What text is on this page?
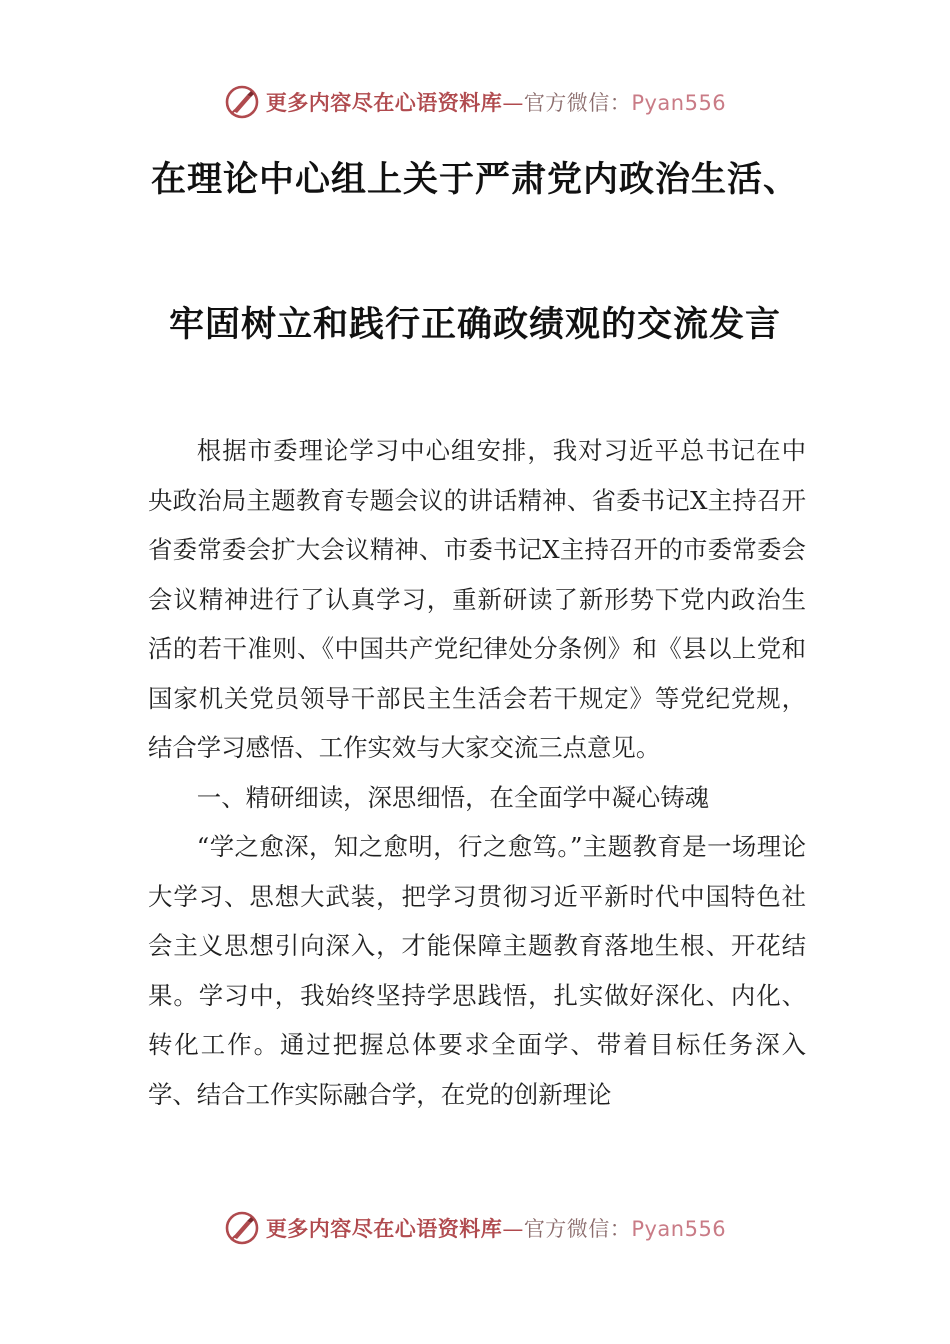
更多内容尽在心语资料库—官方微信：Pyan556
在理论中心组上关于严肃党内政治生活、
牢固树立和践行正确政绩观的交流发言

根据市委理论学习中心组安排，我对习近平总书记在中央政治局主题教育专题会议的讲话精神、省委书记X主持召开省委常委会扩大会议精神、市委书记X主持召开的市委常委会会议精神进行了认真学习，重新研读了新形势下党内政治生活的若干准则、《中国共产党纪律处分条例》和《县以上党和国家机关党员领导干部民主生活会若干规定》等党纪党规，结合学习感悟、工作实效与大家交流三点意见。

一、精研细读，深思细悟，在全面学中凝心铸魂

“学之愈深，知之愈明，行之愈笃。”主题教育是一场理论大学习、思想大武装，把学习贯彻习近平新时代中国特色社会主义思想引向深入，才能保障主题教育落地生根、开花结果。学习中，我始终坚持学思践悟，扎实做好深化、内化、转化工作。通过把握总体要求全面学、带着目标任务深入学、结合工作实际融合学，在党的创新理论

更多内容尽在心语资料库—官方微信：Pyan556
